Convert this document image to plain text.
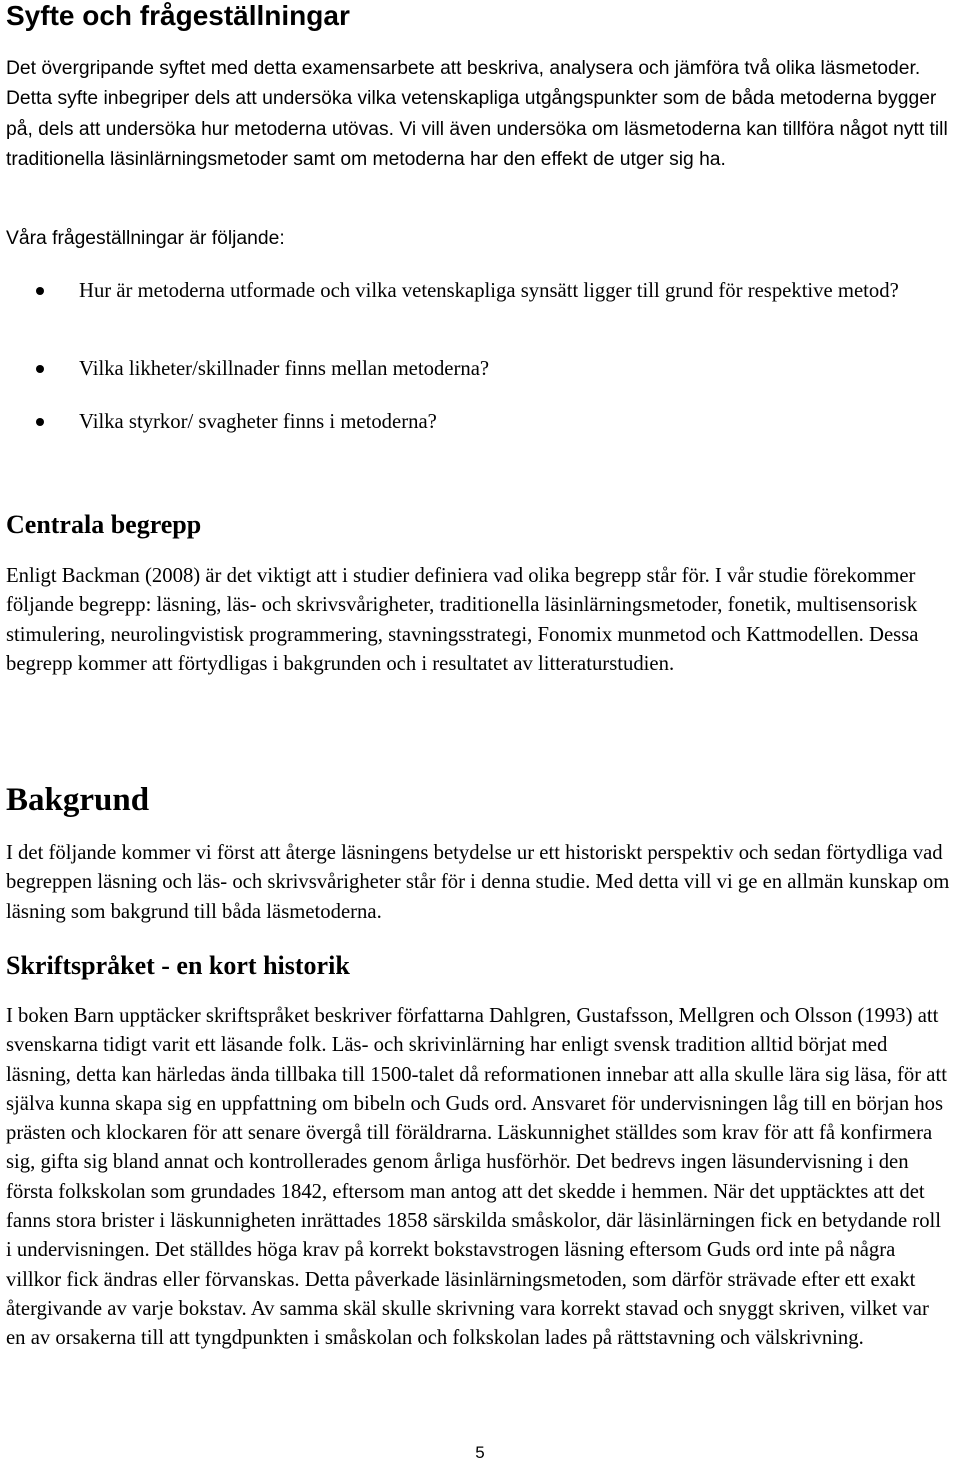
Syfte och frågeställningar

Det övergripande syftet med detta examensarbete att beskriva, analysera och jämföra två olika läsmetoder. Detta syfte inbegriper dels att undersöka vilka vetenskapliga utgångspunkter som de båda metoderna bygger på, dels att undersöka hur metoderna utövas. Vi vill även undersöka om läsmetoderna kan tillföra något nytt till traditionella läsinlärningsmetoder samt om metoderna har den effekt de utger sig ha.

Våra frågeställningar är följande:

Hur är metoderna utformade och vilka vetenskapliga synsätt ligger till grund för respektive metod?
Vilka likheter/skillnader finns mellan metoderna?
Vilka styrkor/ svagheter finns i metoderna?
Centrala begrepp

Enligt Backman (2008) är det viktigt att i studier definiera vad olika begrepp står för. I vår studie förekommer följande begrepp: läsning, läs- och skrivsvårigheter, traditionella läsinlärningsmetoder, fonetik, multisensorisk stimulering, neurolingvistisk programmering, stavningsstrategi, Fonomix munmetod och Kattmodellen. Dessa begrepp kommer att förtydligas i bakgrunden och i resultatet av litteraturstudien.

Bakgrund

I det följande kommer vi först att återge läsningens betydelse ur ett historiskt perspektiv och sedan förtydliga vad begreppen läsning och läs- och skrivsvårigheter står för i denna studie. Med detta vill vi ge en allmän kunskap om läsning som bakgrund till båda läsmetoderna.

Skriftspråket - en kort historik

I boken Barn upptäcker skriftspråket beskriver författarna Dahlgren, Gustafsson, Mellgren och Olsson (1993) att svenskarna tidigt varit ett läsande folk. Läs- och skrivinlärning har enligt svensk tradition alltid börjat med läsning, detta kan härledas ända tillbaka till 1500-talet då reformationen innebar att alla skulle lära sig läsa, för att själva kunna skapa sig en uppfattning om bibeln och Guds ord. Ansvaret för undervisningen låg till en början hos prästen och klockaren för att senare övergå till föräldrarna. Läskunnighet ställdes som krav för att få konfirmera sig, gifta sig bland annat och kontrollerades genom årliga husförhör. Det bedrevs ingen läsundervisning i den första folkskolan som grundades 1842, eftersom man antog att det skedde i hemmen. När det upptäcktes att det fanns stora brister i läskunnigheten inrättades 1858 särskilda småskolor, där läsinlärningen fick en betydande roll i undervisningen. Det ställdes höga krav på korrekt bokstavstrogen läsning eftersom Guds ord inte på några villkor fick ändras eller förvanskas. Detta påverkade läsinlärningsmetoden, som därför strävade efter ett exakt återgivande av varje bokstav. Av samma skäl skulle skrivning vara korrekt stavad och snyggt skriven, vilket var en av orsakerna till att tyngdpunkten i småskolan och folkskolan lades på rättstavning och välskrivning.

5
